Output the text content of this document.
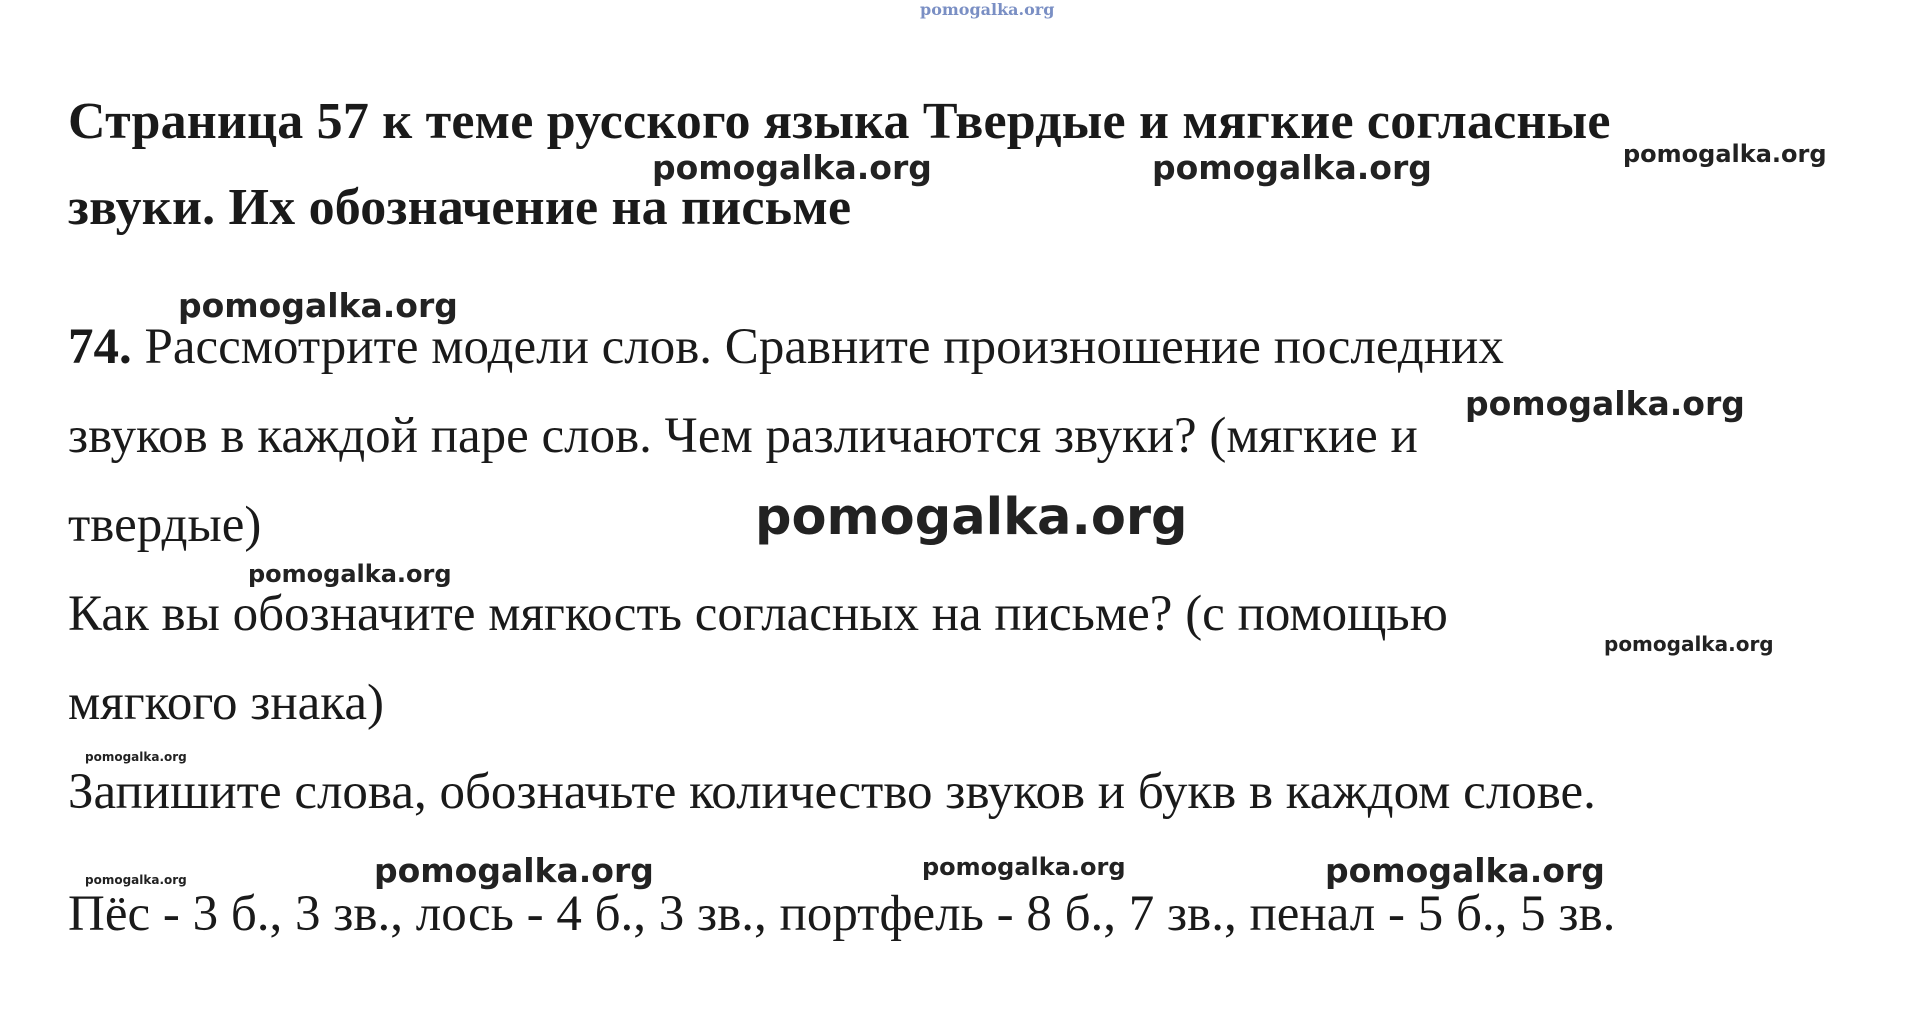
pomogalka.org
pomogalka.org	pomogalka.org	pomogalka.org
pomogalka.org
pomogalka.org
pomogalka.org
pomogalka.org
pomogalka.org
pomogalka.org
pomogalka.org	pomogalka.org	pomogalka.org	pomogalka.org
Страница 57 к теме русского языка Твердые и мягкие согласные
звуки. Их обозначение на письме
74. Рассмотрите модели слов. Сравните произношение последних
звуков в каждой паре слов. Чем различаются звуки? (мягкие и
твердые)
Как вы обозначите мягкость согласных на письме? (с помощью
мягкого знака)
Запишите слова, обозначьте количество звуков и букв в каждом слове.
Пёс - 3 б., 3 зв., лось - 4 б., 3 зв., портфель - 8 б., 7 зв., пенал - 5 б., 5 зв.
